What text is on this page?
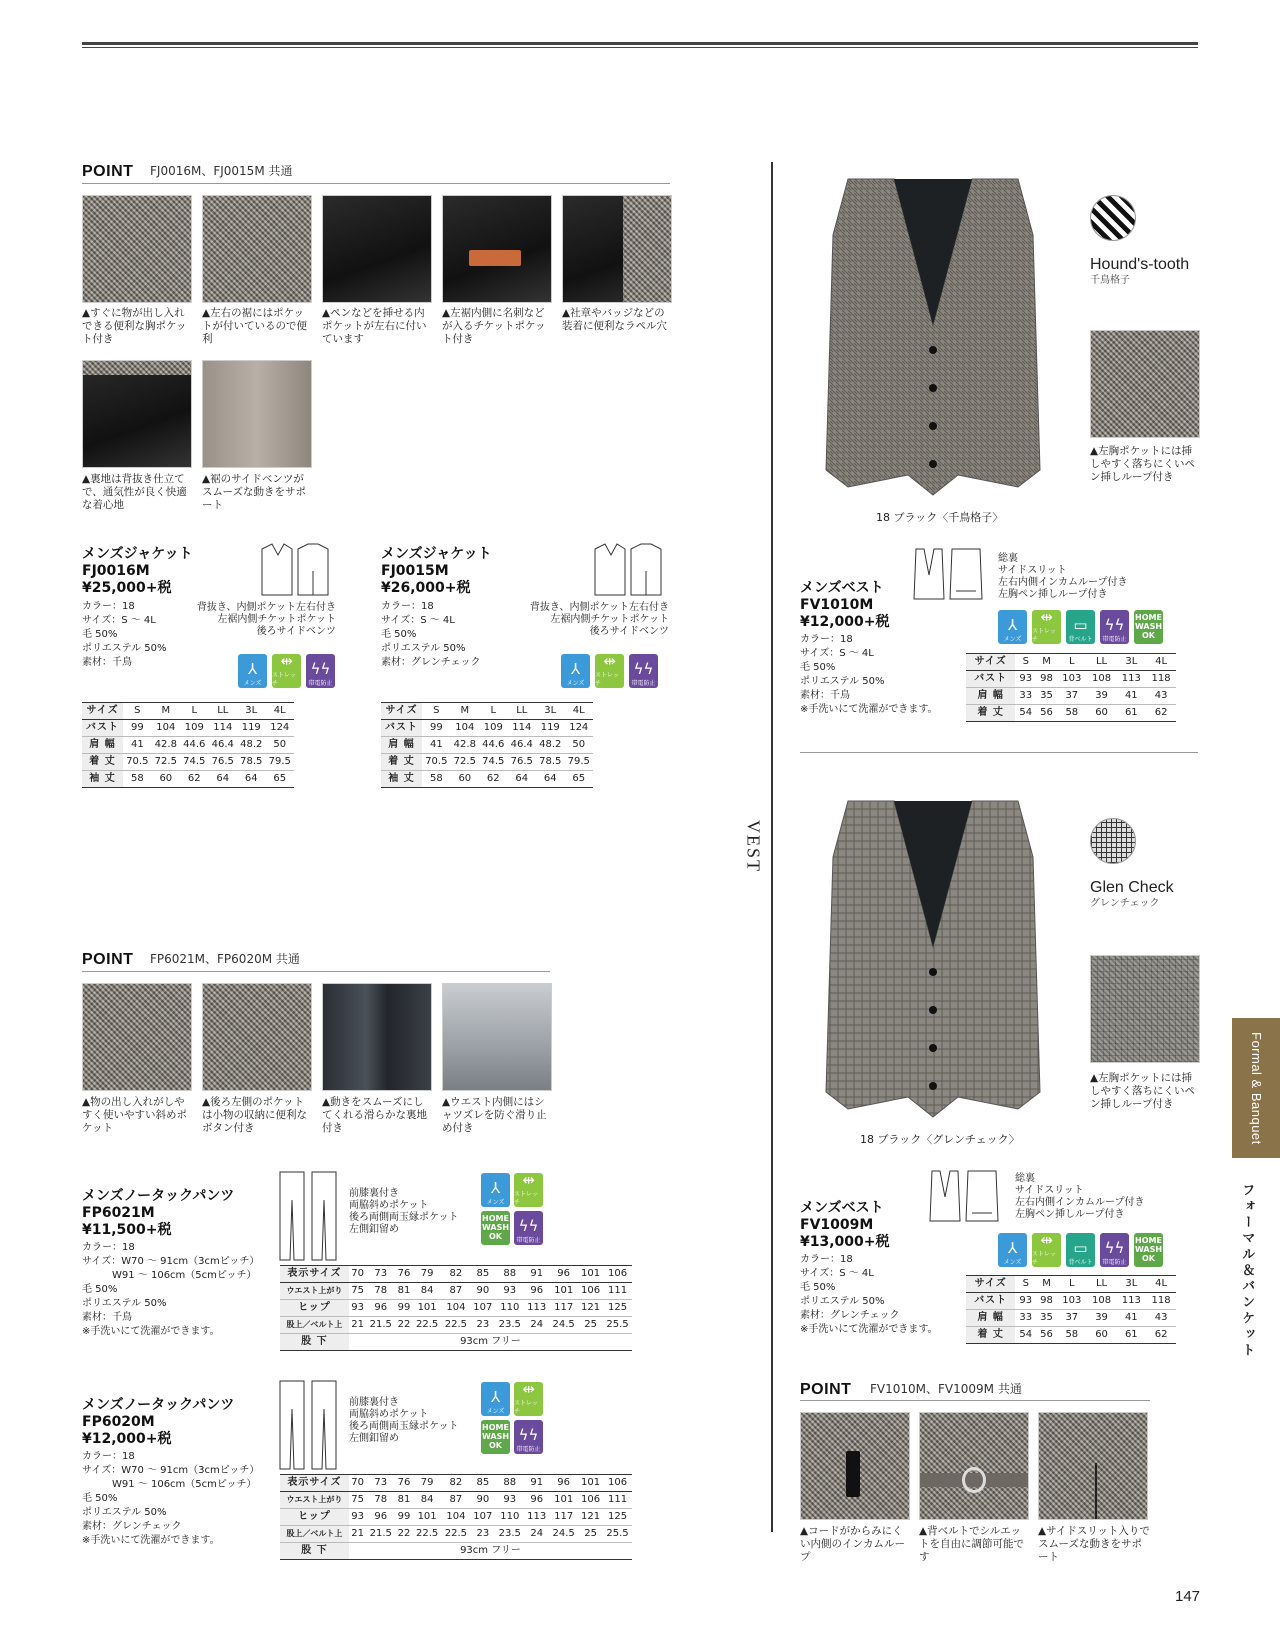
POINT FJ0016M、FJ0015M 共通
▲すぐに物が出し入れできる便利な胸ポケット付き
▲左右の裾にはポケットが付いているので便利
▲ペンなどを挿せる内ポケットが左右に付いています
▲左裾内側に名刺などが入るチケットポケット付き
▲社章やバッジなどの装着に便利なラペル穴
▲裏地は背抜き仕立てで、通気性が良く快適な着心地
▲裾のサイドベンツがスムーズな動きをサポート
メンズジャケット
FJ0016M
¥25,000+税
カラー：18
サイズ：S ～ 4L
毛 50%
ポリエステル 50%
素材：千鳥
背抜き、内側ポケット左右付き
左裾内側チケットポケット
後ろサイドベンツ
⅄
メンズ
⇹
ストレッチ
ϟϟ
帯電防止
サイズ	S	M	L	LL	3L	4L
バスト	99	104	109	114	119	124
肩 幅	41	42.8	44.6	46.4	48.2	50
着 丈	70.5	72.5	74.5	76.5	78.5	79.5
袖 丈	58	60	62	64	64	65
メンズジャケット
FJ0015M
¥26,000+税
カラー：18
サイズ：S ～ 4L
毛 50%
ポリエステル 50%
素材：グレンチェック
背抜き、内側ポケット左右付き
左裾内側チケットポケット
後ろサイドベンツ
⅄
メンズ
⇹
ストレッチ
ϟϟ
帯電防止
サイズ	S	M	L	LL	3L	4L
バスト	99	104	109	114	119	124
肩 幅	41	42.8	44.6	46.4	48.2	50
着 丈	70.5	72.5	74.5	76.5	78.5	79.5
袖 丈	58	60	62	64	64	65
POINT FP6021M、FP6020M 共通
▲物の出し入れがしやすく使いやすい斜めポケット
▲後ろ左側のポケットは小物の収納に便利なボタン付き
▲動きをスムーズにしてくれる滑らかな裏地付き
▲ウエスト内側にはシャツズレを防ぐ滑り止め付き
メンズノータックパンツ
FP6021M
¥11,500+税
カラー：18
サイズ：W70 ～ 91cm（3cmピッチ）
　　　W91 ～ 106cm（5cmピッチ）
毛 50%
ポリエステル 50%
素材：千鳥
※手洗いにて洗濯ができます。
前膝裏付き
両脇斜めポケット
後ろ両側両玉縁ポケット
左側釦留め
⅄
メンズ
⇹
ストレッチ
HOME WASH OK
ϟϟ
帯電防止
表示サイズ	70	73	76	79	82	85	88	91	96	101	106
ウエスト上がり	75	78	81	84	87	90	93	96	101	106	111
ヒップ	93	96	99	101	104	107	110	113	117	121	125
股上／ベルト上	21	21.5	22	22.5	22.5	23	23.5	24	24.5	25	25.5
股 下	93cm フリー										
メンズノータックパンツ
FP6020M
¥12,000+税
カラー：18
サイズ：W70 ～ 91cm（3cmピッチ）
　　　W91 ～ 106cm（5cmピッチ）
毛 50%
ポリエステル 50%
素材：グレンチェック
※手洗いにて洗濯ができます。
前膝裏付き
両脇斜めポケット
後ろ両側両玉縁ポケット
左側釦留め
⅄
メンズ
⇹
ストレッチ
HOME WASH OK
ϟϟ
帯電防止
表示サイズ	70	73	76	79	82	85	88	91	96	101	106
ウエスト上がり	75	78	81	84	87	90	93	96	101	106	111
ヒップ	93	96	99	101	104	107	110	113	117	121	125
股上／ベルト上	21	21.5	22	22.5	22.5	23	23.5	24	24.5	25	25.5
股 下	93cm フリー										
VEST
Hound's-tooth
千鳥格子
▲左胸ポケットには挿しやすく落ちにくいペン挿しループ付き
18 ブラック〈千鳥格子〉
総裏
サイドスリット
左右内側インカムループ付き
左胸ペン挿しループ付き
メンズベスト
FV1010M
¥12,000+税
カラー：18
サイズ：S ～ 4L
毛 50%
ポリエステル 50%
素材：千鳥
※手洗いにて洗濯ができます。
⅄
メンズ
⇹
ストレッチ
▭
背ベルト
ϟϟ
帯電防止
HOME WASH OK
サイズ	S	M	L	LL	3L	4L
バスト	93	98	103	108	113	118
肩 幅	33	35	37	39	41	43
着 丈	54	56	58	60	61	62
Glen Check
グレンチェック
▲左胸ポケットには挿しやすく落ちにくいペン挿しループ付き
18 ブラック〈グレンチェック〉
総裏
サイドスリット
左右内側インカムループ付き
左胸ペン挿しループ付き
メンズベスト
FV1009M
¥13,000+税
カラー：18
サイズ：S ～ 4L
毛 50%
ポリエステル 50%
素材：グレンチェック
※手洗いにて洗濯ができます。
⅄
メンズ
⇹
ストレッチ
▭
背ベルト
ϟϟ
帯電防止
HOME WASH OK
サイズ	S	M	L	LL	3L	4L
バスト	93	98	103	108	113	118
肩 幅	33	35	37	39	41	43
着 丈	54	56	58	60	61	62
POINT FV1010M、FV1009M 共通
▲コードがからみにくい内側のインカムループ
▲背ベルトでシルエットを自由に調節可能です
▲サイドスリット入りでスムーズな動きをサポート
Formal & Banquet
フォーマル＆バンケット
147
